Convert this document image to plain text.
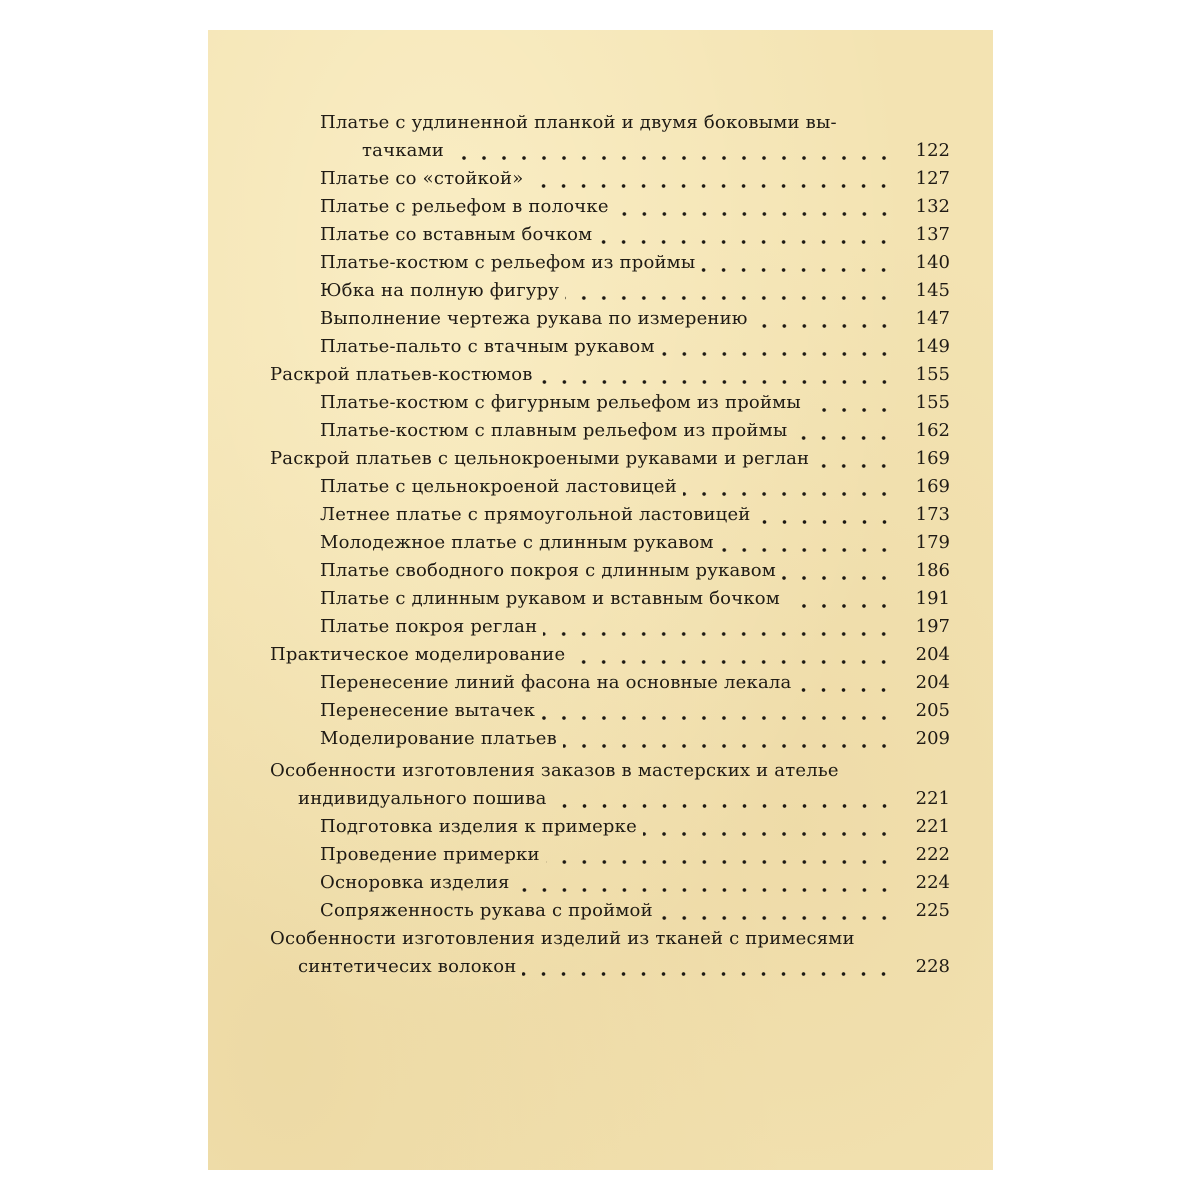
Платье с удлиненной планкой и двумя боковыми вы-
тачками	122
Платье со «стойкой»	127
Платье с рельефом в полочке	132
Платье со вставным бочком	137
Платье-костюм с рельефом из проймы	140
Юбка на полную фигуру	145
Выполнение чертежа рукава по измерению	147
Платье-пальто с втачным рукавом	149
Раскрой платьев-костюмов	155
Платье-костюм с фигурным рельефом из проймы	155
Платье-костюм с плавным рельефом из проймы	162
Раскрой платьев с цельнокроеными рукавами и реглан	169
Платье с цельнокроеной ластовицей	169
Летнее платье с прямоугольной ластовицей	173
Молодежное платье с длинным рукавом	179
Платье свободного покроя с длинным рукавом	186
Платье с длинным рукавом и вставным бочком	191
Платье покроя реглан	197
Практическое моделирование	204
Перенесение линий фасона на основные лекала	204
Перенесение вытачек	205
Моделирование платьев	209
Особенности изготовления заказов в мастерских и ателье
индивидуального пошива	221
Подготовка изделия к примерке	221
Проведение примерки	222
Осноровка изделия	224
Сопряженность рукава с проймой	225
Особенности изготовления изделий из тканей с примесями
синтетичесих волокон	228
